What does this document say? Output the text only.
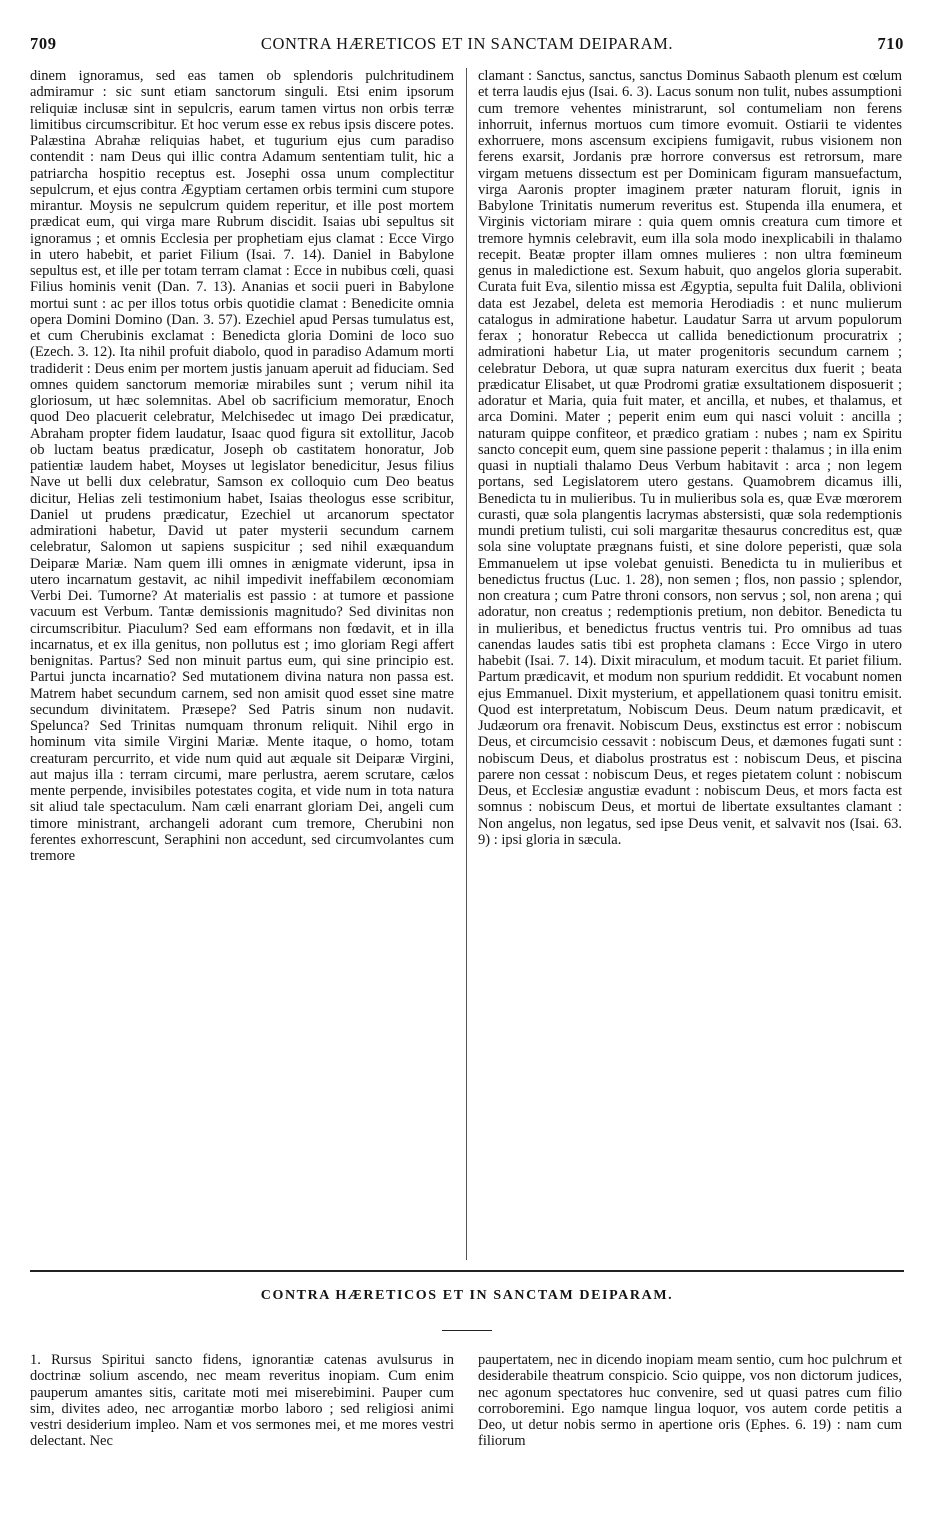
709	CONTRA HÆRETICOS ET IN SANCTAM DEIPARAM.	710

dinem ignoramus, sed eas tamen ob splendoris pulchritudinem admiramur : sic sunt etiam sanctorum singuli. Etsi enim ipsorum reliquiæ inclusæ sint in sepulcris, earum tamen virtus non orbis terræ limitibus circumscribitur. Et hoc verum esse ex rebus ipsis discere potes. Palæstina Abrahæ reliquias habet, et tugurium ejus cum paradiso contendit : nam Deus qui illic contra Adamum sententiam tulit, hic a patriarcha hospitio receptus est. Josephi ossa unum complectitur sepulcrum, et ejus contra Ægyptiam certamen orbis termini cum stupore mirantur. Moysis ne sepulcrum quidem reperitur, et ille post mortem prædicat eum, qui virga mare Rubrum discidit. Isaias ubi sepultus sit ignoramus ; et omnis Ecclesia per prophetiam ejus clamat : Ecce Virgo in utero habebit, et pariet Filium (Isai. 7. 14). Daniel in Babylone sepultus est, et ille per totam terram clamat : Ecce in nubibus cœli, quasi Filius hominis venit (Dan. 7. 13). Ananias et socii pueri in Babylone mortui sunt : ac per illos totus orbis quotidie clamat : Benedicite omnia opera Domini Domino (Dan. 3. 57). Ezechiel apud Persas tumulatus est, et cum Cherubinis exclamat : Benedicta gloria Domini de loco suo (Ezech. 3. 12). Ita nihil profuit diabolo, quod in paradiso Adamum morti tradiderit : Deus enim per mortem justis januam aperuit ad fiduciam. Sed omnes quidem sanctorum memoriæ mirabiles sunt ; verum nihil ita gloriosum, ut hæc solemnitas. Abel ob sacrificium memoratur, Enoch quod Deo placuerit celebratur, Melchisedec ut imago Dei prædicatur, Abraham propter fidem laudatur, Isaac quod figura sit extollitur, Jacob ob luctam beatus prædicatur, Joseph ob castitatem honoratur, Job patientiæ laudem habet, Moyses ut legislator benedicitur, Jesus filius Nave ut belli dux celebratur, Samson ex colloquio cum Deo beatus dicitur, Helias zeli testimonium habet, Isaias theologus esse scribitur, Daniel ut prudens prædicatur, Ezechiel ut arcanorum spectator admirationi habetur, David ut pater mysterii secundum carnem celebratur, Salomon ut sapiens suspicitur ; sed nihil exæquandum Deiparæ Mariæ. Nam quem illi omnes in ænigmate viderunt, ipsa in utero incarnatum gestavit, ac nihil impedivit ineffabilem œconomiam Verbi Dei. Tumorne? At materialis est passio : at tumore et passione vacuum est Verbum. Tantæ demissionis magnitudo? Sed divinitas non circumscribitur. Piaculum? Sed eam efformans non fœdavit, et in illa incarnatus, et ex illa genitus, non pollutus est ; imo gloriam Regi affert benignitas. Partus? Sed non minuit partus eum, qui sine principio est. Partui juncta incarnatio? Sed mutationem divina natura non passa est. Matrem habet secundum carnem, sed non amisit quod esset sine matre secundum divinitatem. Præsepe? Sed Patris sinum non nudavit. Spelunca? Sed Trinitas numquam thronum reliquit. Nihil ergo in hominum vita simile Virgini Mariæ. Mente itaque, o homo, totam creaturam percurrito, et vide num quid aut æquale sit Deiparæ Virgini, aut majus illa : terram circumi, mare perlustra, aerem scrutare, cælos mente perpende, invisibiles potestates cogita, et vide num in tota natura sit aliud tale spectaculum. Nam cæli enarrant gloriam Dei, angeli cum timore ministrant, archangeli adorant cum tremore, Cherubini non ferentes exhorrescunt, Seraphini non accedunt, sed circumvolantes cum tremore

clamant : Sanctus, sanctus, sanctus Dominus Sabaoth plenum est cœlum et terra laudis ejus (Isai. 6. 3). Lacus sonum non tulit, nubes assumptioni cum tremore vehentes ministrarunt, sol contumeliam non ferens inhorruit, infernus mortuos cum timore evomuit. Ostiarii te videntes exhorruere, mons ascensum excipiens fumigavit, rubus visionem non ferens exarsit, Jordanis præ horrore conversus est retrorsum, mare virgam metuens dissectum est per Dominicam figuram mansuefactum, virga Aaronis propter imaginem præter naturam floruit, ignis in Babylone Trinitatis numerum reveritus est. Stupenda illa enumera, et Virginis victoriam mirare : quia quem omnis creatura cum timore et tremore hymnis celebravit, eum illa sola modo inexplicabili in thalamo recepit. Beatæ propter illam omnes mulieres : non ultra fœmineum genus in maledictione est. Sexum habuit, quo angelos gloria superabit. Curata fuit Eva, silentio missa est Ægyptia, sepulta fuit Dalila, oblivioni data est Jezabel, deleta est memoria Herodiadis : et nunc mulierum catalogus in admiratione habetur. Laudatur Sarra ut arvum populorum ferax ; honoratur Rebecca ut callida benedictionum procuratrix ; admirationi habetur Lia, ut mater progenitoris secundum carnem ; celebratur Debora, ut quæ supra naturam exercitus dux fuerit ; beata prædicatur Elisabet, ut quæ Prodromi gratiæ exsultationem disposuerit ; adoratur et Maria, quia fuit mater, et ancilla, et nubes, et thalamus, et arca Domini. Mater ; peperit enim eum qui nasci voluit : ancilla ; naturam quippe confiteor, et prædico gratiam : nubes ; nam ex Spiritu sancto concepit eum, quem sine passione peperit : thalamus ; in illa enim quasi in nuptiali thalamo Deus Verbum habitavit : arca ; non legem portans, sed Legislatorem utero gestans. Quamobrem dicamus illi, Benedicta tu in mulieribus. Tu in mulieribus sola es, quæ Evæ mœrorem curasti, quæ sola plangentis lacrymas abstersisti, quæ sola redemptionis mundi pretium tulisti, cui soli margaritæ thesaurus concreditus est, quæ sola sine voluptate prægnans fuisti, et sine dolore peperisti, quæ sola Emmanuelem ut ipse volebat genuisti. Benedicta tu in mulieribus et benedictus fructus (Luc. 1. 28), non semen ; flos, non passio ; splendor, non creatura ; cum Patre throni consors, non servus ; sol, non arena ; qui adoratur, non creatus ; redemptionis pretium, non debitor. Benedicta tu in mulieribus, et benedictus fructus ventris tui. Pro omnibus ad tuas canendas laudes satis tibi est propheta clamans : Ecce Virgo in utero habebit (Isai. 7. 14). Dixit miraculum, et modum tacuit. Et pariet filium. Partum prædicavit, et modum non spurium reddidit. Et vocabunt nomen ejus Emmanuel. Dixit mysterium, et appellationem quasi tonitru emisit. Quod est interpretatum, Nobiscum Deus. Deum natum prædicavit, et Judæorum ora frenavit. Nobiscum Deus, exstinctus est error : nobiscum Deus, et circumcisio cessavit : nobiscum Deus, et dæmones fugati sunt : nobiscum Deus, et diabolus prostratus est : nobiscum Deus, et piscina parere non cessat : nobiscum Deus, et reges pietatem colunt : nobiscum Deus, et Ecclesiæ angustiæ evadunt : nobiscum Deus, et mors facta est somnus : nobiscum Deus, et mortui de libertate exsultantes clamant : Non angelus, non legatus, sed ipse Deus venit, et salvavit nos (Isai. 63. 9) : ipsi gloria in sæcula.

CONTRA HÆRETICOS ET IN SANCTAM DEIPARAM.

1. Rursus Spiritui sancto fidens, ignorantiæ catenas avulsurus in doctrinæ solium ascendo, nec meam reveritus inopiam. Cum enim pauperum amantes sitis, caritate moti mei miserebimini. Pauper cum sim, divites adeo, nec arrogantiæ morbo laboro ; sed religiosi animi vestri desiderium impleo. Nam et vos sermones mei, et me mores vestri delectant. Nec

paupertatem, nec in dicendo inopiam meam sentio, cum hoc pulchrum et desiderabile theatrum conspicio. Scio quippe, vos non dictorum judices, nec agonum spectatores huc convenire, sed ut quasi patres cum filio corroboremini. Ego namque lingua loquor, vos autem corde petitis a Deo, ut detur nobis sermo in apertione oris (Ephes. 6. 19) : nam cum filiorum
